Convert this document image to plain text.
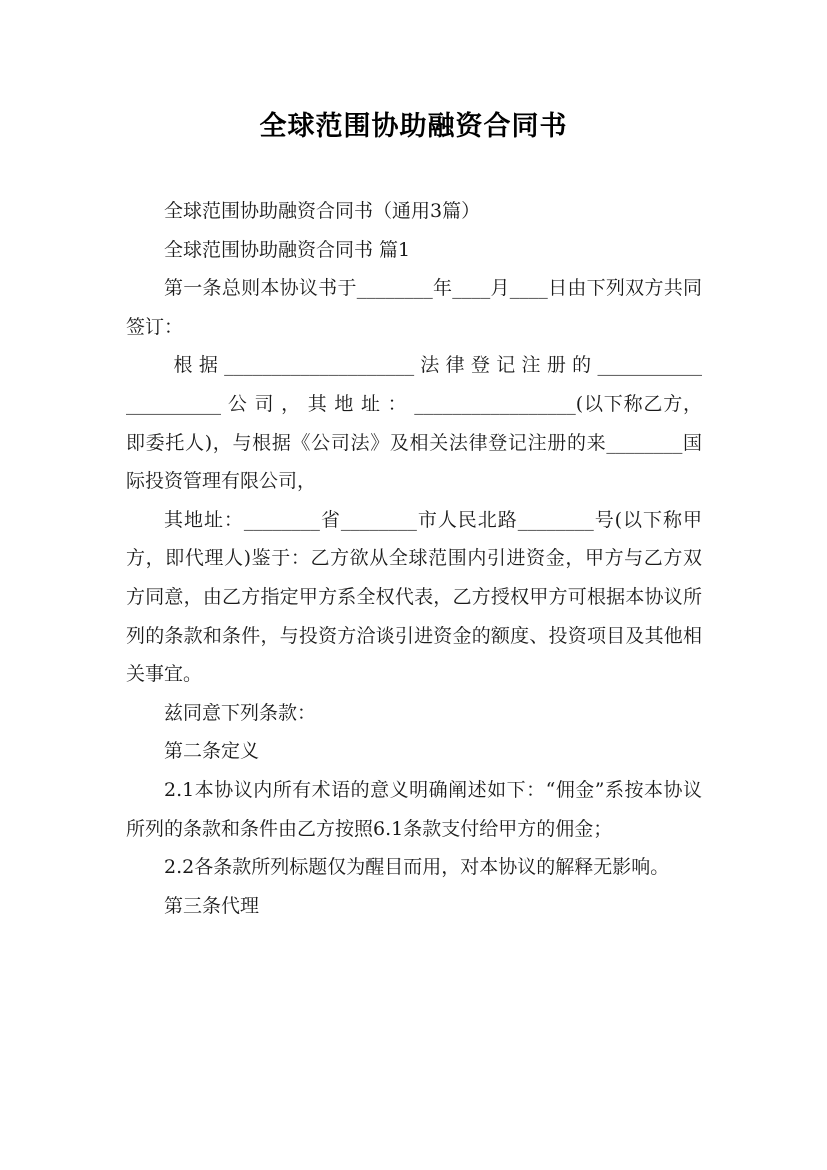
全球范围协助融资合同书

全球范围协助融资合同书（通用3篇）

全球范围协助融资合同书 篇1

第一条总则本协议书于________年____月____日由下列双方共同签订：

根 据 ____________________ 法 律 登 记 注 册 的 _____________________ 公 司 ， 其 地 址 ： _________________(以下称乙方，即委托人)，与根据《公司法》及相关法律登记注册的来________国际投资管理有限公司，

其地址：________省________市人民北路________号(以下称甲方，即代理人)鉴于：乙方欲从全球范围内引进资金，甲方与乙方双方同意，由乙方指定甲方系全权代表，乙方授权甲方可根据本协议所列的条款和条件，与投资方洽谈引进资金的额度、投资项目及其他相关事宜。

兹同意下列条款：

第二条定义

2.1本协议内所有术语的意义明确阐述如下：“佣金”系按本协议所列的条款和条件由乙方按照6.1条款支付给甲方的佣金；

2.2各条款所列标题仅为醒目而用，对本协议的解释无影响。

第三条代理
